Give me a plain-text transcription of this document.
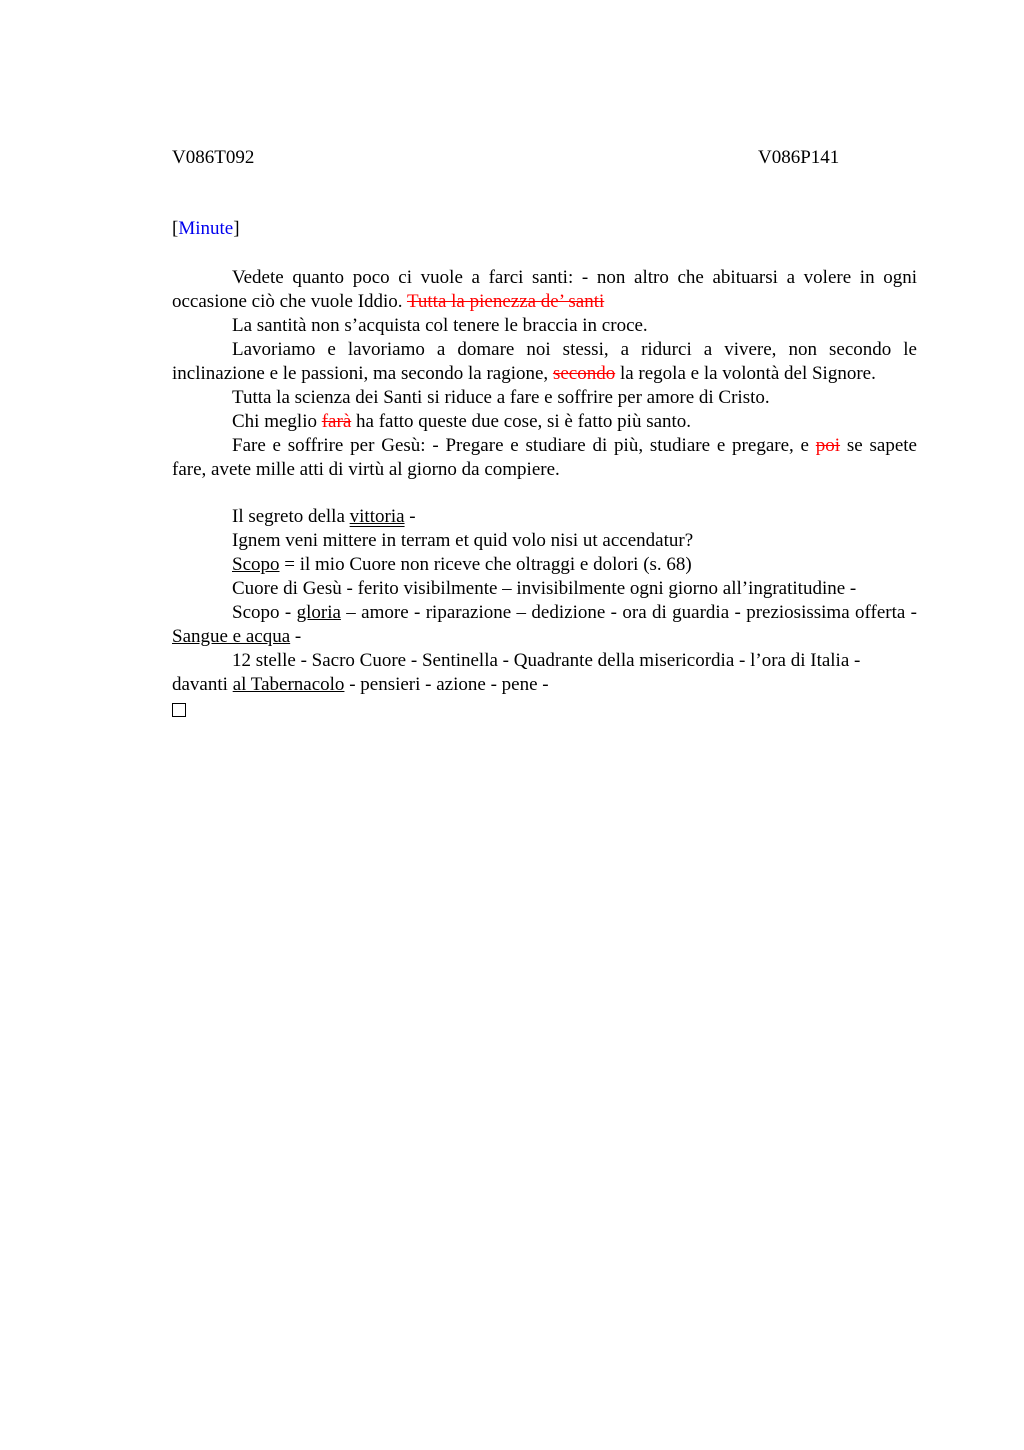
V086T092	V086P141
[Minute]

Vedete quanto poco ci vuole a farci santi: - non altro che abituarsi a volere in ogni occasione ciò che vuole Iddio. Tutta la pienezza de’ santi

La santità non s’acquista col tenere le braccia in croce.

Lavoriamo e lavoriamo a domare noi stessi, a ridurci a vivere, non secondo le inclinazione e le passioni, ma secondo la ragione, secondo la regola e la volontà del Signore.

Tutta la scienza dei Santi si riduce a fare e soffrire per amore di Cristo.

Chi meglio farà ha fatto queste due cose, si è fatto più santo.

Fare e soffrire per Gesù: - Pregare e studiare di più, studiare e pregare, e poi se sapete fare, avete mille atti di virtù al giorno da compiere.

Il segreto della vittoria -

Ignem veni mittere in terram et quid volo nisi ut accendatur?

Scopo = il mio Cuore non riceve che oltraggi e dolori (s. 68)

Cuore di Gesù - ferito visibilmente – invisibilmente ogni giorno all’ingratitudine -

Scopo - gloria – amore - riparazione – dedizione - ora di guardia - preziosissima offerta - Sangue e acqua -

12 stelle - Sacro Cuore - Sentinella - Quadrante della misericordia - l’ora di Italia - davanti al Tabernacolo - pensieri - azione - pene -
